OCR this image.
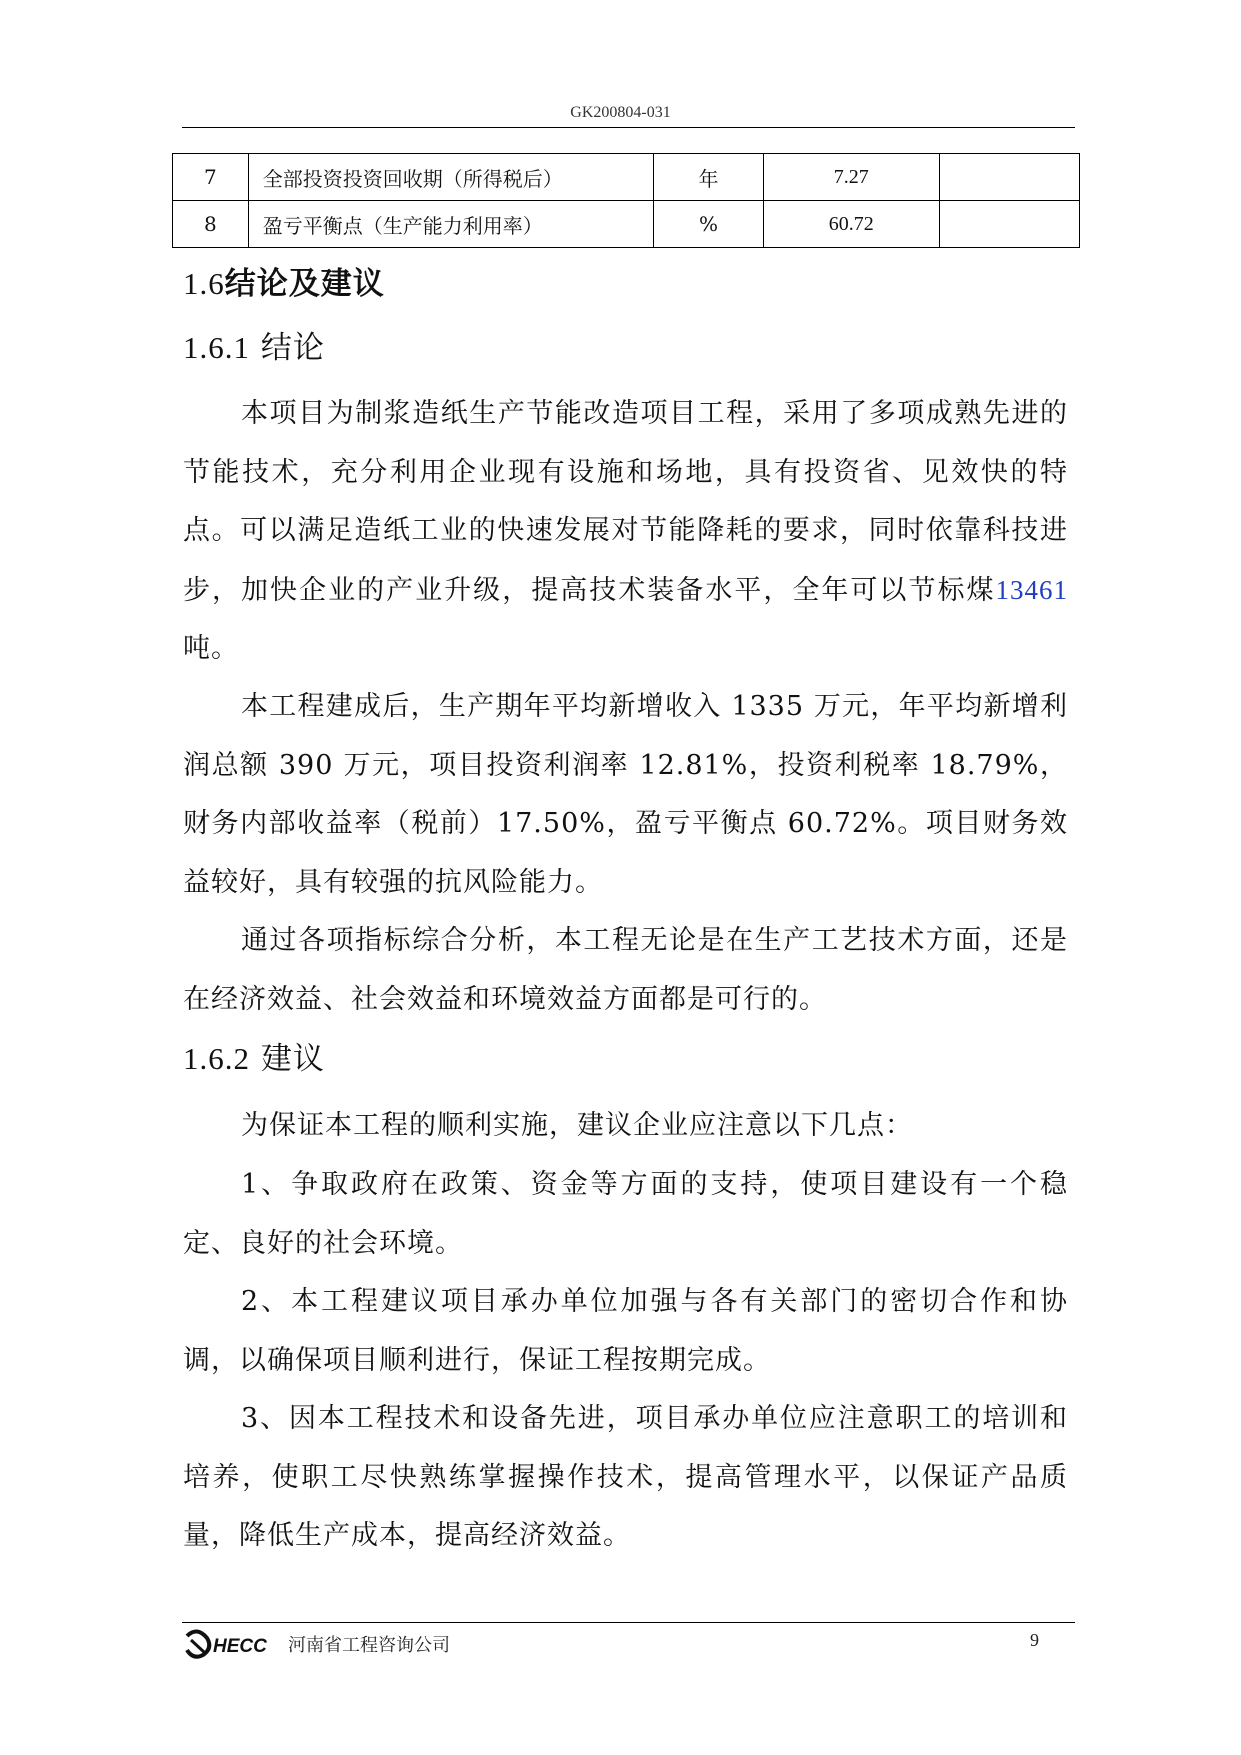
GK200804-031
7	全部投资投资回收期（所得税后）	年	7.27	
8	盈亏平衡点（生产能力利用率）	%	60.72	
1.6结论及建议
1.6.1 结论
本项目为制浆造纸生产节能改造项目工程，采用了多项成熟先进的节能技术，充分利用企业现有设施和场地，具有投资省、见效快的特点。可以满足造纸工业的快速发展对节能降耗的要求，同时依靠科技进步，加快企业的产业升级，提高技术装备水平，全年可以节标煤13461 吨。
本工程建成后，生产期年平均新增收入 1335 万元，年平均新增利润总额 390 万元，项目投资利润率 12.81%，投资利税率 18.79%，财务内部收益率（税前）17.50%，盈亏平衡点 60.72%。项目财务效益较好，具有较强的抗风险能力。
通过各项指标综合分析，本工程无论是在生产工艺技术方面，还是在经济效益、社会效益和环境效益方面都是可行的。
1.6.2 建议
为保证本工程的顺利实施，建议企业应注意以下几点：
1、争取政府在政策、资金等方面的支持，使项目建设有一个稳定、良好的社会环境。
2、本工程建议项目承办单位加强与各有关部门的密切合作和协调，以确保项目顺利进行，保证工程按期完成。
3、因本工程技术和设备先进，项目承办单位应注意职工的培训和培养，使职工尽快熟练掌握操作技术，提高管理水平，以保证产品质量，降低生产成本，提高经济效益。
HECC 河南省工程咨询公司	9
